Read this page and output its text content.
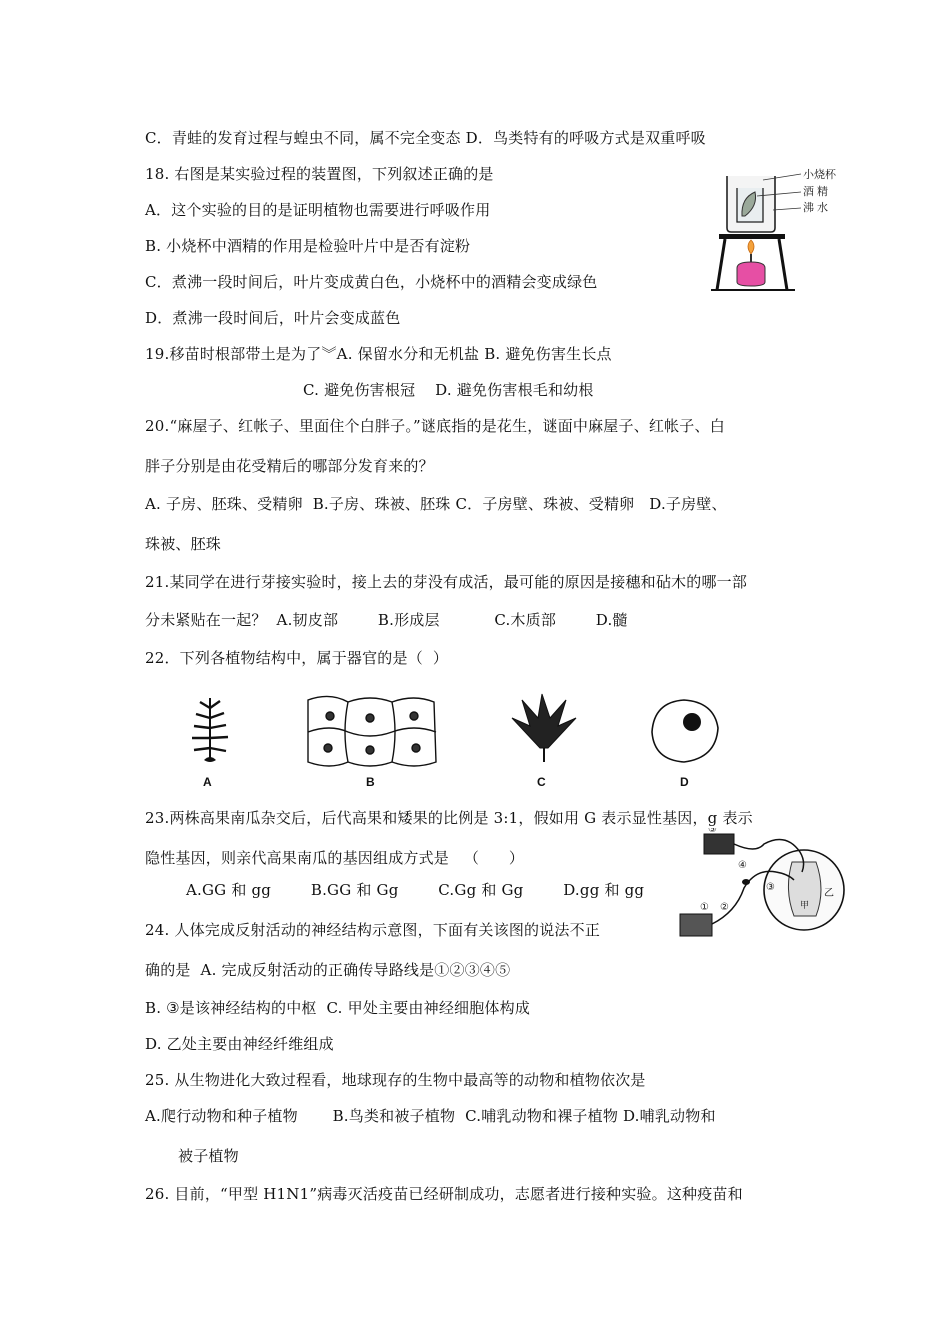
C．青蛙的发育过程与蝗虫不同，属不完全变态 D．鸟类特有的呼吸方式是双重呼吸
18. 右图是某实验过程的装置图，下列叙述正确的是
A．这个实验的目的是证明植物也需要进行呼吸作用
B. 小烧杯中酒精的作用是检验叶片中是否有淀粉
C．煮沸一段时间后，叶片变成黄白色，小烧杯中的酒精会变成绿色
D．煮沸一段时间后，叶片会变成蓝色
19.移苗时根部带土是为了︾A. 保留水分和无机盐 B. 避免伤害生长点
C. 避免伤害根冠    D. 避免伤害根毛和幼根
20.“麻屋子、红帐子、里面住个白胖子。”谜底指的是花生，谜面中麻屋子、红帐子、白
胖子分别是由花受精后的哪部分发育来的？
A. 子房、胚珠、受精卵  B.子房、珠被、胚珠 C．子房壁、珠被、受精卵   D.子房壁、
珠被、胚珠
21.某同学在进行芽接实验时，接上去的芽没有成活，最可能的原因是接穗和砧木的哪一部
分未紧贴在一起？  A.韧皮部        B.形成层           C.木质部        D.髓
22．下列各植物结构中，属于器官的是（  ）
23.两株高果南瓜杂交后，后代高果和矮果的比例是 3:1，假如用 G 表示显性基因，g 表示
隐性基因，则亲代高果南瓜的基因组成方式是   （      ）
A.GG 和 gg        B.GG 和 Gg        C.Gg 和 Gg        D.gg 和 gg
24. 人体完成反射活动的神经结构示意图，下面有关该图的说法不正
确的是  A. 完成反射活动的正确传导路线是①②③④⑤
B. ③是该神经结构的中枢  C. 甲处主要由神经细胞体构成
D. 乙处主要由神经纤维组成
25. 从生物进化大致过程看，地球现存的生物中最高等的动物和植物依次是
A.爬行动物和种子植物       B.鸟类和被子植物  C.哺乳动物和裸子植物 D.哺乳动物和
被子植物
26. 目前，“甲型 H1N1”病毒灭活疫苗已经研制成功，志愿者进行接种实验。这种疫苗和
小烧杯
酒 精
沸 水
A	B	C	D
⑤
④
③
②
①	甲
乙
